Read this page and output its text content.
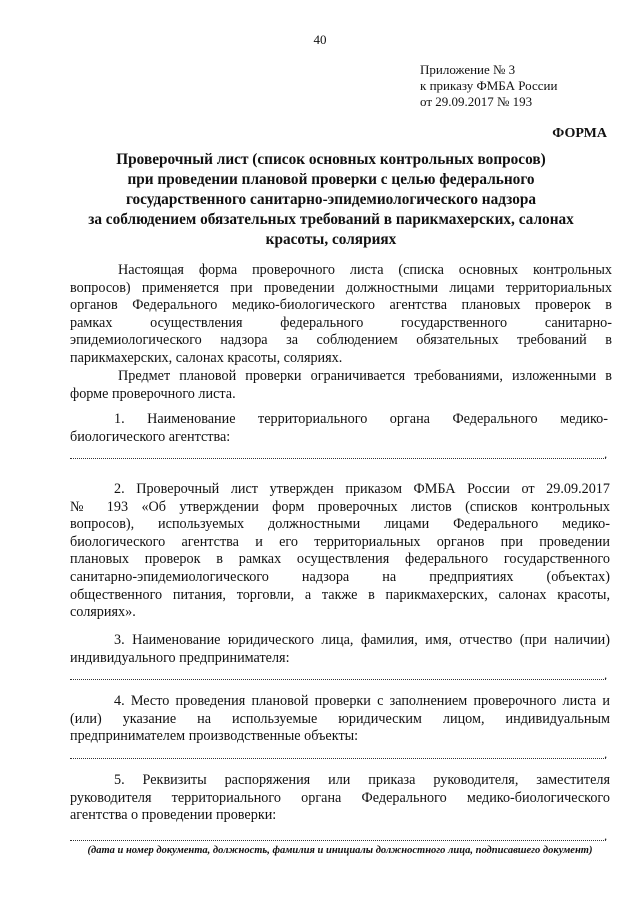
40
Приложение № 3
к приказу ФМБА России
от 29.09.2017 № 193
ФОРМА
Проверочный лист (список основных контрольных вопросов)
при проведении плановой проверки с целью федерального
государственного санитарно-эпидемиологического надзора
за соблюдением обязательных требований в парикмахерских, салонах
красоты, соляриях
Настоящая форма проверочного листа (списка основных контрольных
вопросов) применяется при проведении должностными лицами территориальных
органов Федерального медико-биологического агентства плановых проверок в
рамках осуществления федерального государственного санитарно-
эпидемиологического надзора за соблюдением обязательных требований в
парикмахерских, салонах красоты, соляриях.
Предмет плановой проверки ограничивается требованиями, изложенными в
форме проверочного листа.
1. Наименование территориального органа Федерального медико-
биологического агентства:
.
2. Проверочный лист утвержден приказом ФМБА России от 29.09.2017
№ 193 «Об утверждении форм проверочных листов (списков контрольных
вопросов), используемых должностными лицами Федерального медико-
биологического агентства и его территориальных органов при проведении
плановых проверок в рамках осуществления федерального государственного
санитарно-эпидемиологического надзора на предприятиях (объектах)
общественного питания, торговли, а также в парикмахерских, салонах красоты,
соляриях».
3. Наименование юридического лица, фамилия, имя, отчество (при наличии)
индивидуального предпринимателя:
.
4. Место проведения плановой проверки с заполнением проверочного листа и
(или) указание на используемые юридическим лицом, индивидуальным
предпринимателем производственные объекты:
.
5. Реквизиты распоряжения или приказа руководителя, заместителя
руководителя территориального органа Федерального медико-биологического
агентства о проведении проверки:
.
(дата и номер документа, должность, фамилия и инициалы должностного лица, подписавшего документ)
